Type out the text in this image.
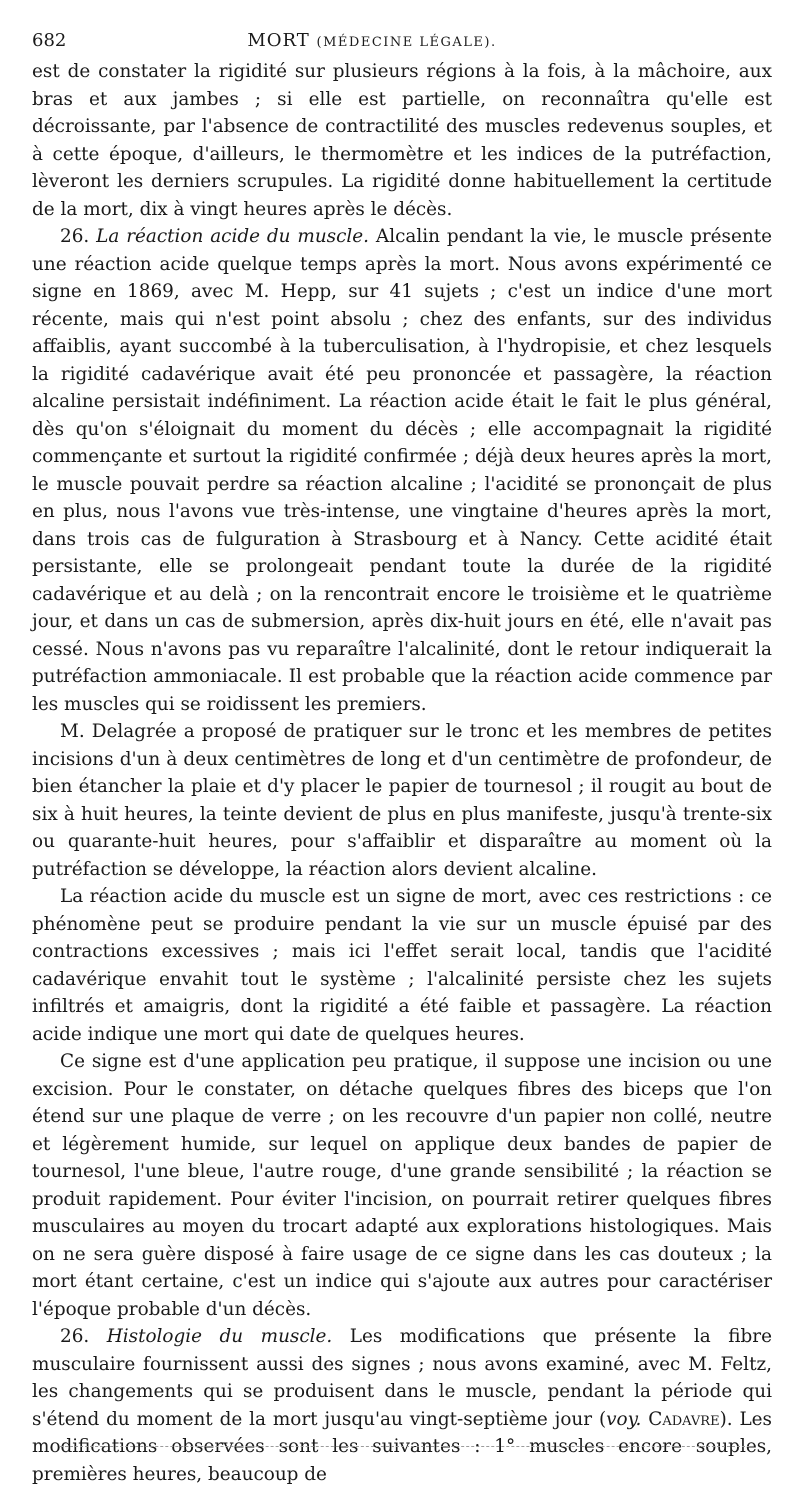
682	MORT (MÉDECINE LÉGALE).

est de constater la rigidité sur plusieurs régions à la fois, à la mâchoire, aux bras et aux jambes ; si elle est partielle, on reconnaîtra qu'elle est décroissante, par l'absence de contractilité des muscles redevenus souples, et à cette époque, d'ailleurs, le thermomètre et les indices de la putréfaction, lèveront les derniers scrupules. La rigidité donne habituellement la certitude de la mort, dix à vingt heures après le décès.

26. La réaction acide du muscle. Alcalin pendant la vie, le muscle présente une réaction acide quelque temps après la mort. Nous avons expérimenté ce signe en 1869, avec M. Hepp, sur 41 sujets ; c'est un indice d'une mort récente, mais qui n'est point absolu ; chez des enfants, sur des individus affaiblis, ayant succombé à la tuberculisation, à l'hydropisie, et chez lesquels la rigidité cadavérique avait été peu prononcée et passagère, la réaction alcaline persistait indéfiniment. La réaction acide était le fait le plus général, dès qu'on s'éloignait du moment du décès ; elle accompagnait la rigidité commençante et surtout la rigidité confirmée ; déjà deux heures après la mort, le muscle pouvait perdre sa réaction alcaline ; l'acidité se prononçait de plus en plus, nous l'avons vue très-intense, une vingtaine d'heures après la mort, dans trois cas de fulguration à Strasbourg et à Nancy. Cette acidité était persistante, elle se prolongeait pendant toute la durée de la rigidité cadavérique et au delà ; on la rencontrait encore le troisième et le quatrième jour, et dans un cas de submersion, après dix-huit jours en été, elle n'avait pas cessé. Nous n'avons pas vu reparaître l'alcalinité, dont le retour indiquerait la putréfaction ammoniacale. Il est probable que la réaction acide commence par les muscles qui se roidissent les premiers.

M. Delagrée a proposé de pratiquer sur le tronc et les membres de petites incisions d'un à deux centimètres de long et d'un centimètre de profondeur, de bien étancher la plaie et d'y placer le papier de tournesol ; il rougit au bout de six à huit heures, la teinte devient de plus en plus manifeste, jusqu'à trente-six ou quarante-huit heures, pour s'affaiblir et disparaître au moment où la putréfaction se développe, la réaction alors devient alcaline.

La réaction acide du muscle est un signe de mort, avec ces restrictions : ce phénomène peut se produire pendant la vie sur un muscle épuisé par des contractions excessives ; mais ici l'effet serait local, tandis que l'acidité cadavérique envahit tout le système ; l'alcalinité persiste chez les sujets infiltrés et amaigris, dont la rigidité a été faible et passagère. La réaction acide indique une mort qui date de quelques heures.

Ce signe est d'une application peu pratique, il suppose une incision ou une excision. Pour le constater, on détache quelques fibres des biceps que l'on étend sur une plaque de verre ; on les recouvre d'un papier non collé, neutre et légèrement humide, sur lequel on applique deux bandes de papier de tournesol, l'une bleue, l'autre rouge, d'une grande sensibilité ; la réaction se produit rapidement. Pour éviter l'incision, on pourrait retirer quelques fibres musculaires au moyen du trocart adapté aux explorations histologiques. Mais on ne sera guère disposé à faire usage de ce signe dans les cas douteux ; la mort étant certaine, c'est un indice qui s'ajoute aux autres pour caractériser l'époque probable d'un décès.

26. Histologie du muscle. Les modifications que présente la fibre musculaire fournissent aussi des signes ; nous avons examiné, avec M. Feltz, les changements qui se produisent dans le muscle, pendant la période qui s'étend du moment de la mort jusqu'au vingt-septième jour (voy. Cadavre). Les modifications observées sont les suivantes : 1° muscles encore souples, premières heures, beaucoup de
